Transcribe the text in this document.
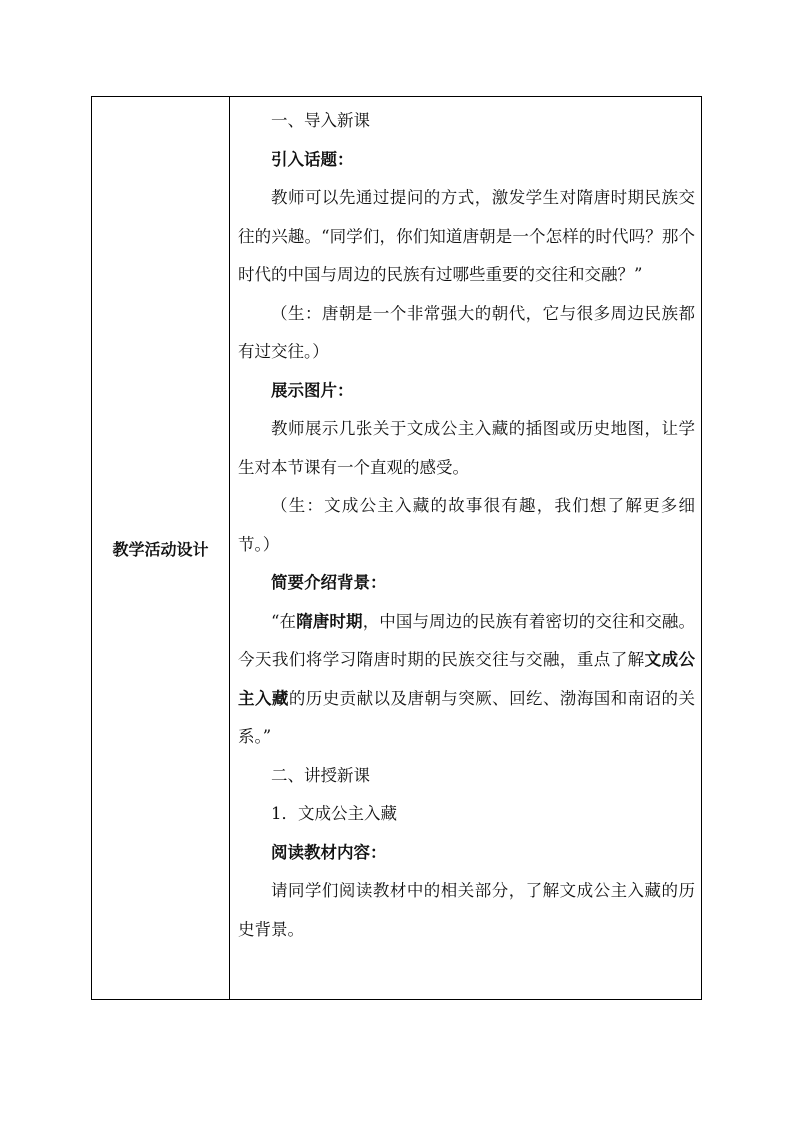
教学活动设计

一、导入新课

引入话题：

教师可以先通过提问的方式，激发学生对隋唐时期民族交往的兴趣。“同学们，你们知道唐朝是一个怎样的时代吗？那个时代的中国与周边的民族有过哪些重要的交往和交融？”

（生：唐朝是一个非常强大的朝代，它与很多周边民族都有过交往。）

展示图片：

教师展示几张关于文成公主入藏的插图或历史地图，让学生对本节课有一个直观的感受。

（生：文成公主入藏的故事很有趣，我们想了解更多细节。）

简要介绍背景：

“在隋唐时期，中国与周边的民族有着密切的交往和交融。今天我们将学习隋唐时期的民族交往与交融，重点了解文成公主入藏的历史贡献以及唐朝与突厥、回纥、渤海国和南诏的关系。”

二、讲授新课

1．文成公主入藏

阅读教材内容：

请同学们阅读教材中的相关部分，了解文成公主入藏的历史背景。
